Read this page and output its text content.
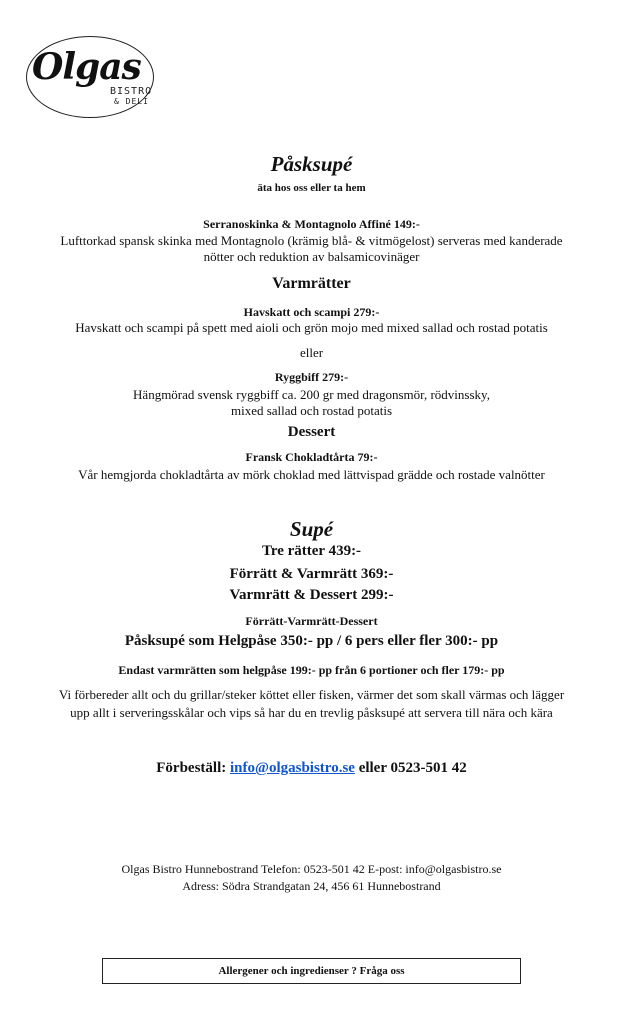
Olgas
BISTRO
& DELI
Påsksupé
äta hos oss eller ta hem
Serranoskinka & Montagnolo Affiné 149:-
Lufttorkad spansk skinka med Montagnolo (krämig blå- & vitmögelost) serveras med kanderade
nötter och reduktion av balsamicovinäger
Varmrätter
Havskatt och scampi 279:-
Havskatt och scampi på spett med aioli och grön mojo med mixed sallad och rostad potatis
eller
Ryggbiff 279:-
Hängmörad svensk ryggbiff ca. 200 gr med dragonsmör, rödvinssky,
mixed sallad och rostad potatis
Dessert
Fransk Chokladtårta 79:-
Vår hemgjorda chokladtårta av mörk choklad med lättvispad grädde och rostade valnötter
Supé
Tre rätter 439:-
Förrätt & Varmrätt 369:-
Varmrätt & Dessert 299:-
Förrätt-Varmrätt-Dessert
Påsksupé som Helgpåse 350:- pp / 6 pers eller fler 300:- pp
Endast varmrätten som helgpåse 199:- pp från 6 portioner och fler 179:- pp
Vi förbereder allt och du grillar/steker köttet eller fisken, värmer det som skall värmas och lägger
upp allt i serveringsskålar och vips så har du en trevlig påsksupé att servera till nära och kära
Förbeställ: info@olgasbistro.se eller 0523-501 42
Olgas Bistro Hunnebostrand Telefon: 0523-501 42 E-post: info@olgasbistro.se
Adress: Södra Strandgatan 24, 456 61 Hunnebostrand
Allergener och ingredienser ? Fråga oss
